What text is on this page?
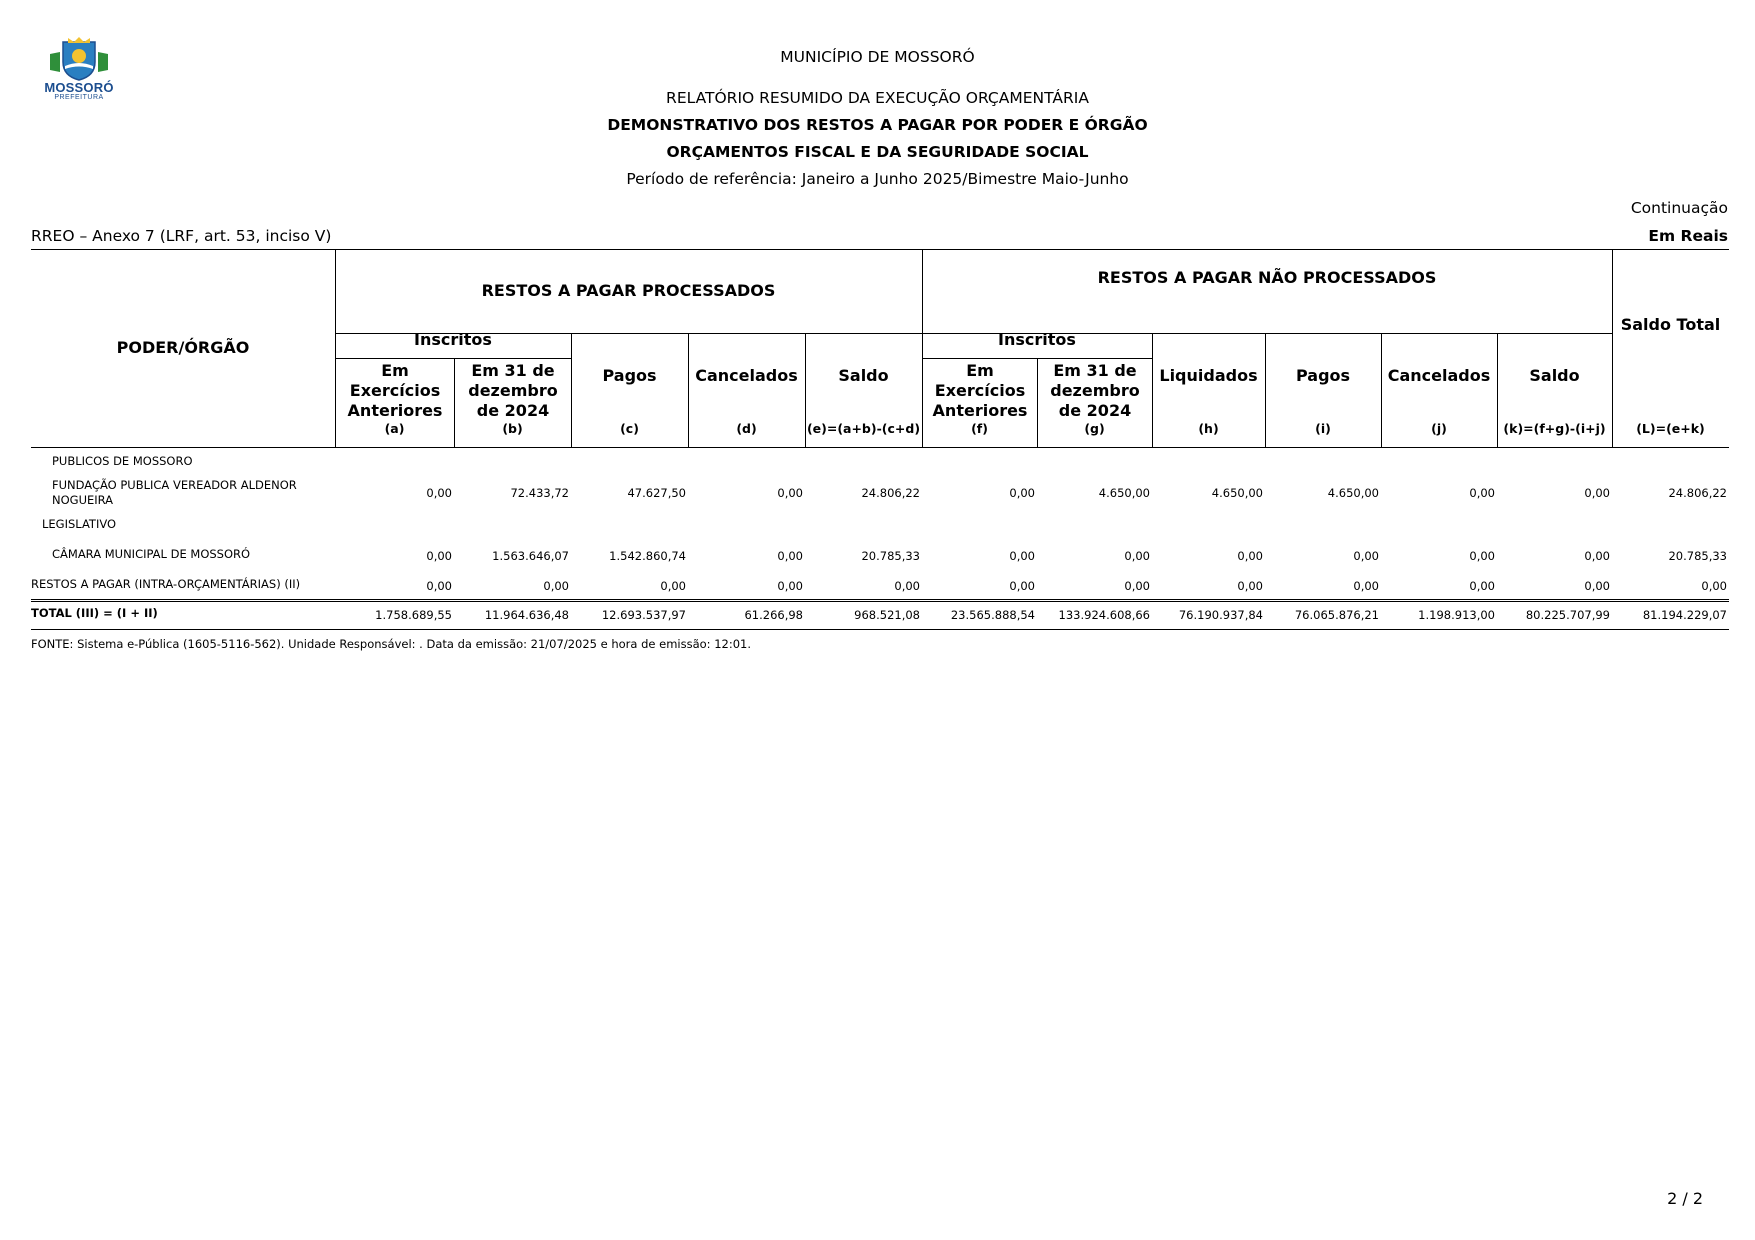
MOSSORÓ
PREFEITURA
MUNICÍPIO DE MOSSORÓ
RELATÓRIO RESUMIDO DA EXECUÇÃO ORÇAMENTÁRIA
DEMONSTRATIVO DOS RESTOS A PAGAR POR PODER E ÓRGÃO
ORÇAMENTOS FISCAL E DA SEGURIDADE SOCIAL
Período de referência: Janeiro a Junho 2025/Bimestre Maio-Junho
Continuação
RREO – Anexo 7 (LRF, art. 53, inciso V)	Em Reais
PODER/ÓRGÃO
RESTOS A PAGAR PROCESSADOS
RESTOS A PAGAR NÃO PROCESSADOS
Inscritos	Inscritos
Saldo Total
Em Exercícios Anteriores
Em 31 de dezembro de 2024
Pagos	Cancelados	Saldo	Em Exercícios Anteriores
Em 31 de dezembro de 2024
Liquidados	Pagos	Cancelados	Saldo
(a)	(b)	(c)	(d)	(e)=(a+b)-(c+d)	(f)	(g)	(h)	(i)	(j)	(k)=(f+g)-(i+j)	(L)=(e+k)
PUBLICOS DE MOSSORO
FUNDAÇÃO PUBLICA VEREADOR ALDENOR NOGUEIRA	0,00	72.433,72	47.627,50	0,00	24.806,22	0,00	4.650,00	4.650,00	4.650,00	0,00	0,00	24.806,22
LEGISLATIVO
CÂMARA MUNICIPAL DE MOSSORÓ	0,00	1.563.646,07	1.542.860,74	0,00	20.785,33	0,00	0,00	0,00	0,00	0,00	0,00	20.785,33
RESTOS A PAGAR (INTRA-ORÇAMENTÁRIAS) (II)	0,00	0,00	0,00	0,00	0,00	0,00	0,00	0,00	0,00	0,00	0,00	0,00
TOTAL (III) = (I + II)	1.758.689,55	11.964.636,48	12.693.537,97	61.266,98	968.521,08	23.565.888,54	133.924.608,66	76.190.937,84	76.065.876,21	1.198.913,00	80.225.707,99	81.194.229,07
FONTE: Sistema e-Pública (1605-5116-562). Unidade Responsável: . Data da emissão: 21/07/2025 e hora de emissão: 12:01.
2 / 2
